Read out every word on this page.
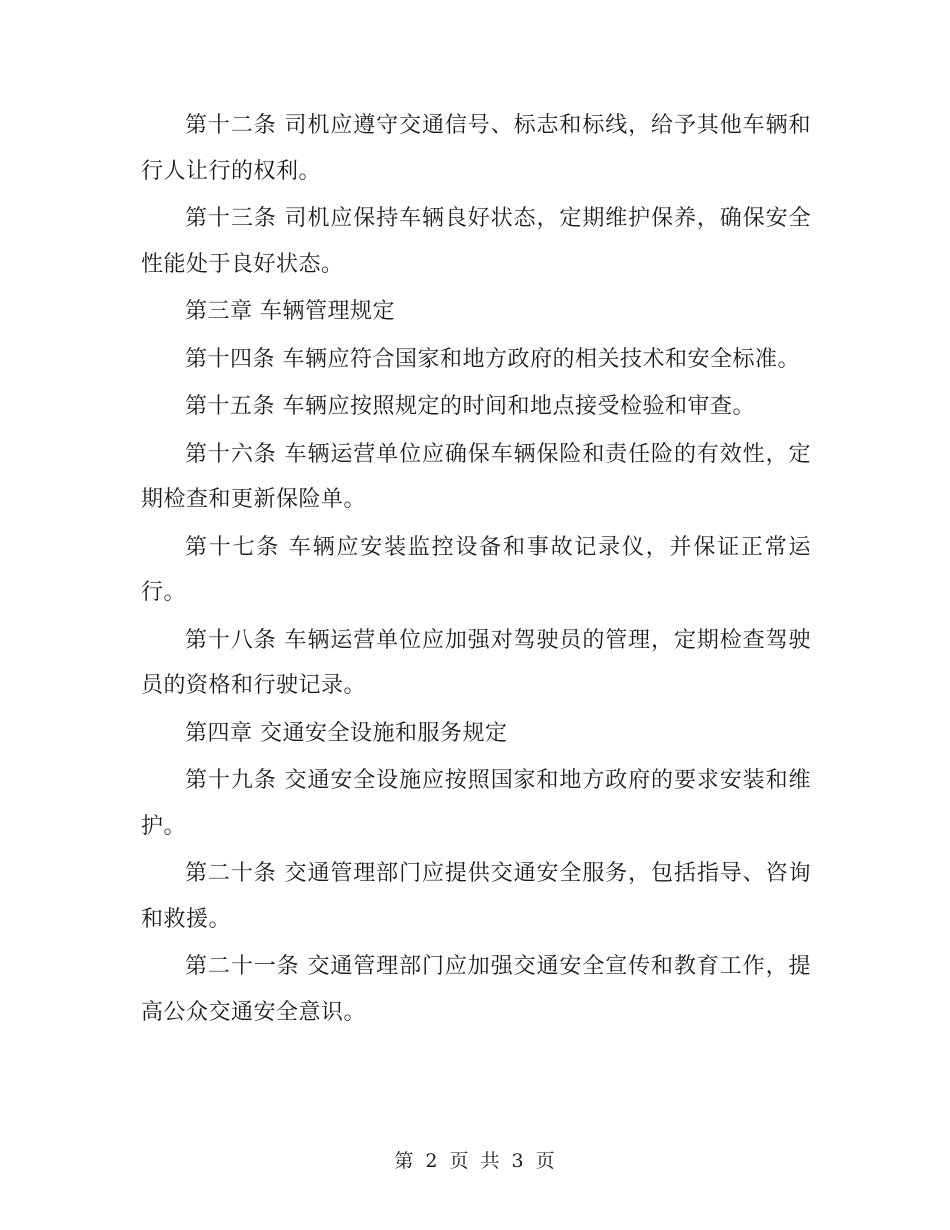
第十二条 司机应遵守交通信号、标志和标线，给予其他车辆和行人让行的权利。

第十三条 司机应保持车辆良好状态，定期维护保养，确保安全性能处于良好状态。

第三章 车辆管理规定

第十四条 车辆应符合国家和地方政府的相关技术和安全标准。

第十五条 车辆应按照规定的时间和地点接受检验和审查。

第十六条 车辆运营单位应确保车辆保险和责任险的有效性，定期检查和更新保险单。

第十七条 车辆应安装监控设备和事故记录仪，并保证正常运行。

第十八条 车辆运营单位应加强对驾驶员的管理，定期检查驾驶员的资格和行驶记录。

第四章 交通安全设施和服务规定

第十九条 交通安全设施应按照国家和地方政府的要求安装和维护。

第二十条 交通管理部门应提供交通安全服务，包括指导、咨询和救援。

第二十一条 交通管理部门应加强交通安全宣传和教育工作，提高公众交通安全意识。

第 2 页 共 3 页
